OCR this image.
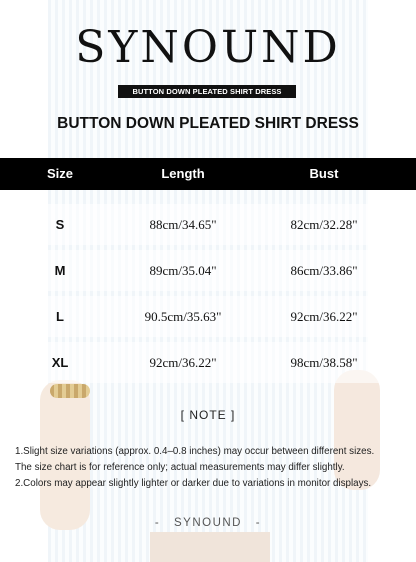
SYNOUND
BUTTON DOWN PLEATED SHIRT DRESS
BUTTON DOWN PLEATED SHIRT DRESS
Size	Length	Bust
S	88cm/34.65"	82cm/32.28"
M	89cm/35.04"	86cm/33.86"
L	90.5cm/35.63"	92cm/36.22"
XL	92cm/36.22"	98cm/38.58"
[ NOTE ]
1.Slight size variations (approx. 0.4–0.8 inches) may occur between different sizes.
The size chart is for reference only; actual measurements may differ slightly.
2.Colors may appear slightly lighter or darker due to variations in monitor displays.
- SYNOUND -
